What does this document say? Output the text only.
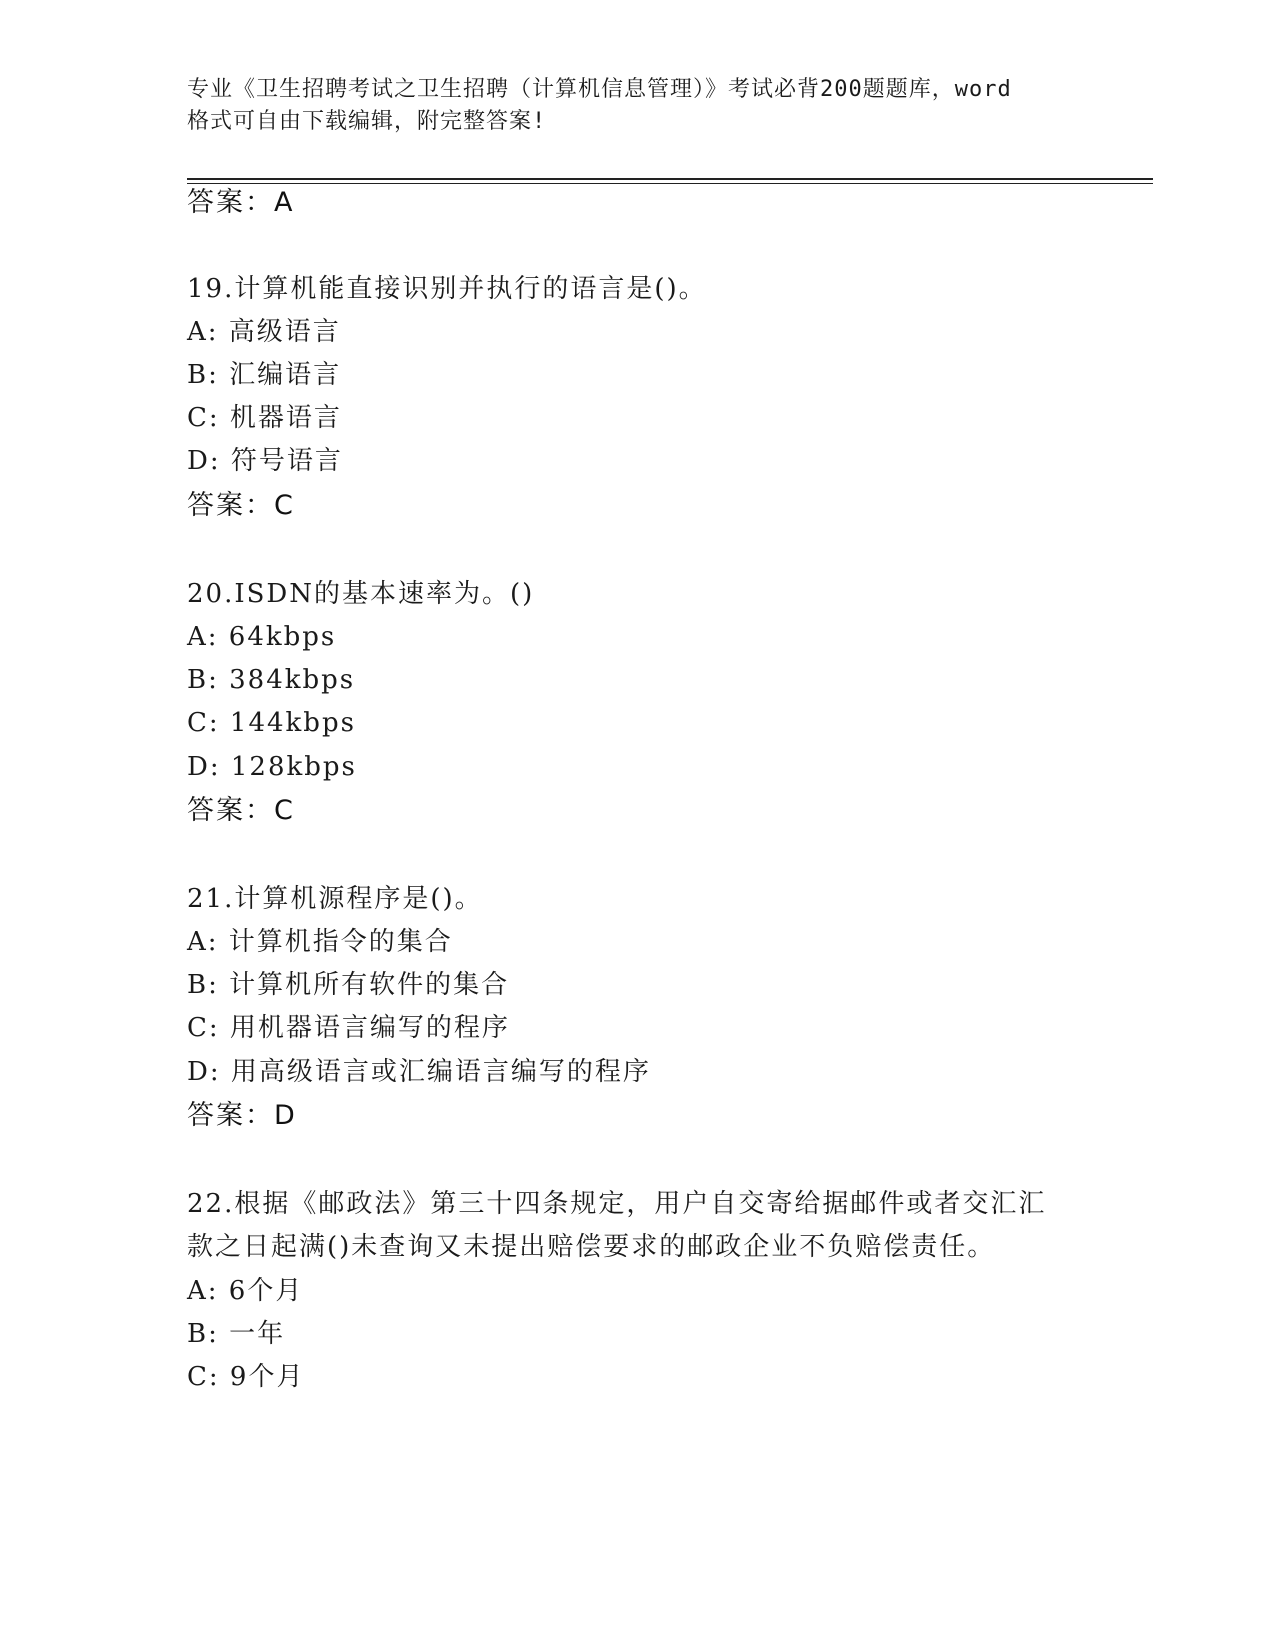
专业《卫生招聘考试之卫生招聘（计算机信息管理）》考试必背200题题库，word
格式可自由下载编辑，附完整答案!
答案：A
19.计算机能直接识别并执行的语言是()。
A: 高级语言
B: 汇编语言
C: 机器语言
D: 符号语言
答案：C
20.ISDN的基本速率为。()
A: 64kbps
B: 384kbps
C: 144kbps
D: 128kbps
答案：C
21.计算机源程序是()。
A: 计算机指令的集合
B: 计算机所有软件的集合
C: 用机器语言编写的程序
D: 用高级语言或汇编语言编写的程序
答案：D
22.根据《邮政法》第三十四条规定，用户自交寄给据邮件或者交汇汇
款之日起满()未查询又未提出赔偿要求的邮政企业不负赔偿责任。
A: 6个月
B: 一年
C: 9个月
